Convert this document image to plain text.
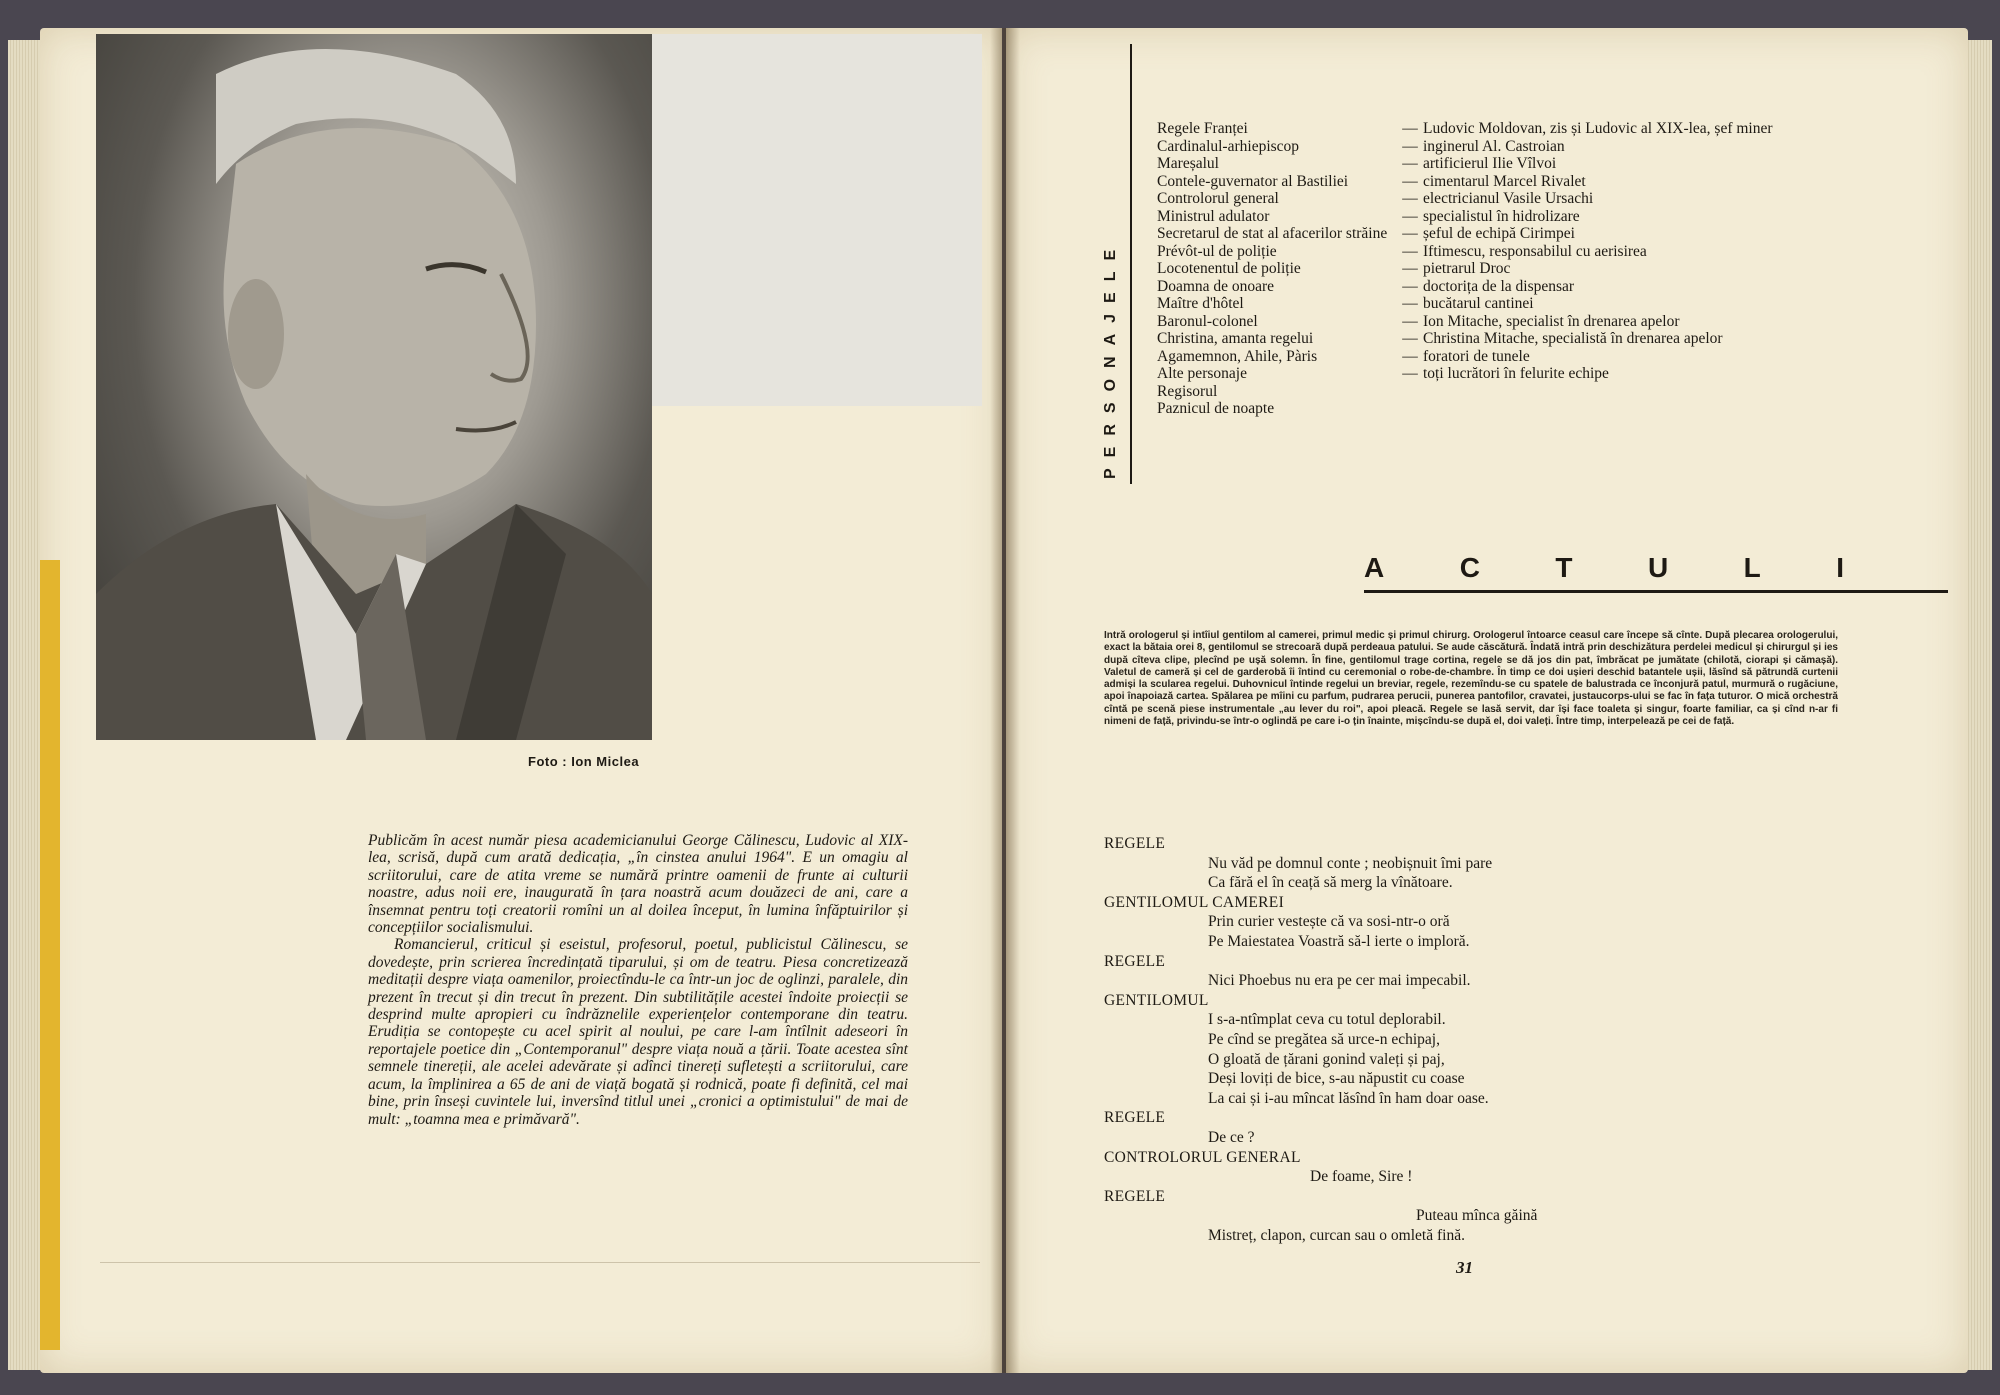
Foto : Ion Miclea

Publicăm în acest număr piesa academicianului George Călinescu, Ludovic al XIX-lea, scrisă, după cum arată dedicația, „în cinstea anului 1964". E un omagiu al scriitorului, care de atita vreme se numără printre oamenii de frunte ai culturii noastre, adus noii ere, inaugurată în țara noastră acum douăzeci de ani, care a însemnat pentru toți creatorii romîni un al doilea început, în lumina înfăptuirilor și concepțiilor socialismului.

Romancierul, criticul și eseistul, profesorul, poetul, publicistul Călinescu, se dovedește, prin scrierea încredințată tiparului, și om de teatru. Piesa concretizează meditații despre viața oamenilor, proiectîndu-le ca într-un joc de oglinzi, paralele, din prezent în trecut și din trecut în prezent. Din subtilitățile acestei îndoite proiecții se desprind multe apropieri cu îndrăznelile experiențelor contemporane din teatru. Erudiția se contopește cu acel spirit al noului, pe care l-am întîlnit adeseori în reportajele poetice din „Contemporanul" despre viața nouă a țării. Toate acestea sînt semnele tinereții, ale acelei adevărate și adînci tinereți sufletești a scriitorului, care acum, la împlinirea a 65 de ani de viață bogată și rodnică, poate fi definită, cel mai bine, prin înseși cuvintele lui, inversînd titlul unei „cronici a optimistului" de mai de mult: „toamna mea e primăvară".

PERSONAJELE
Regele Franței	— Ludovic Moldovan, zis și Ludovic al XIX-lea, șef miner
Cardinalul-arhiepiscop	— inginerul Al. Castroian
Mareșalul	— artificierul Ilie Vîlvoi
Contele-guvernator al Bastiliei	— cimentarul Marcel Rivalet
Controlorul general	— electricianul Vasile Ursachi
Ministrul adulator	— specialistul în hidrolizare
Secretarul de stat al afacerilor străine — șeful de echipă Cirimpei
Prévôt-ul de poliție	— Iftimescu, responsabilul cu aerisirea
Locotenentul de poliție	— pietrarul Droc
Doamna de onoare	— doctorița de la dispensar
Maître d'hôtel	— bucătarul cantinei
Baronul-colonel	— Ion Mitache, specialist în drenarea apelor
Christina, amanta regelui	— Christina Mitache, specialistă în drenarea apelor
Agamemnon, Ahile, Pàris	— foratori de tunele
Alte personaje	— toți lucrători în felurite echipe
Regisorul
Paznicul de noapte
A	C	T	U	L	I
Intră orologerul și intîiul gentilom al camerei, primul medic și primul chirurg. Orologerul întoarce ceasul care începe să cînte. După plecarea orologerului, exact la bătaia orei 8, gentilomul se strecoară după perdeaua patului. Se aude căscătură. Îndată intră prin deschizătura perdelei medicul și chirurgul și ies după cîteva clipe, plecînd pe ușă solemn. În fine, gentilomul trage cortina, regele se dă jos din pat, îmbrăcat pe jumătate (chilotă, ciorapi și cămașă). Valetul de cameră și cel de garderobă îi întind cu ceremonial o robe-de-chambre. În timp ce doi ușieri deschid batantele ușii, lăsînd să pătrundă curtenii admiși la scularea regelui. Duhovnicul întinde regelui un breviar, regele, rezemîndu-se cu spatele de balustrada ce înconjură patul, murmură o rugăciune, apoi înapoiază cartea. Spălarea pe mîini cu parfum, pudrarea perucii, punerea pantofilor, cravatei, justaucorps-ului se fac în fața tuturor. O mică orchestră cîntă pe scenă piese instrumentale „au lever du roi", apoi pleacă. Regele se lasă servit, dar își face toaleta și singur, foarte familiar, ca și cînd n-ar fi nimeni de față, privindu-se într-o oglindă pe care i-o țin înainte, mișcîndu-se după el, doi valeți. Între timp, interpelează pe cei de față.
REGELE
Nu văd pe domnul conte ; neobișnuit îmi pare
Ca fără el în ceață să merg la vînătoare.
GENTILOMUL CAMEREI
Prin curier vestește că va sosi-ntr-o oră
Pe Maiestatea Voastră să-l ierte o imploră.
REGELE
Nici Phoebus nu era pe cer mai impecabil.
GENTILOMUL
I s-a-ntîmplat ceva cu totul deplorabil.
Pe cînd se pregătea să urce-n echipaj,
O gloată de țărani gonind valeți și paj,
Deși loviți de bice, s-au năpustit cu coase
La cai și i-au mîncat lăsînd în ham doar oase.
REGELE
De ce ?
CONTROLORUL GENERAL
De foame, Sire !
REGELE
Puteau mînca găină
Mistreț, clapon, curcan sau o omletă fină.
31
